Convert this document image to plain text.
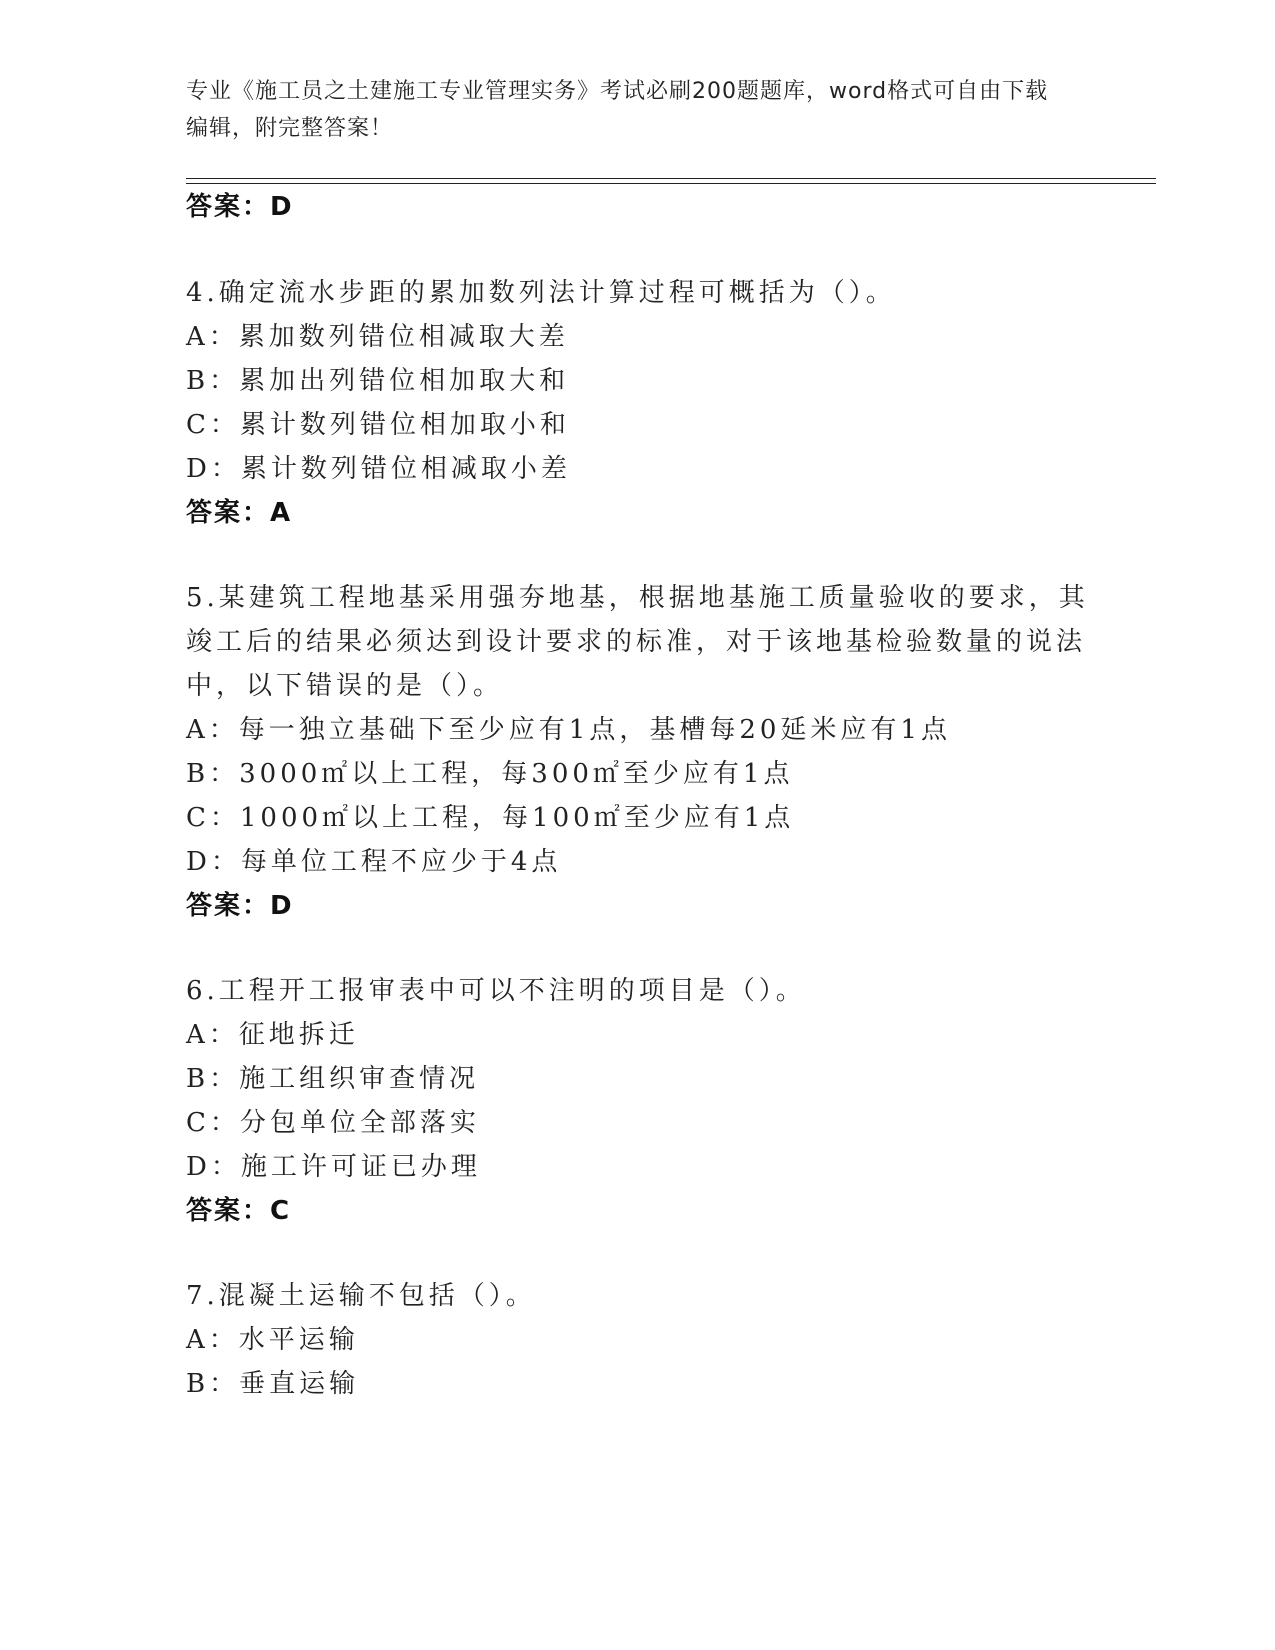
专业《施工员之土建施工专业管理实务》考试必刷200题题库，word格式可自由下载编辑，附完整答案！
答案：D
4.确定流水步距的累加数列法计算过程可概括为（）。
A：累加数列错位相减取大差
B：累加出列错位相加取大和
C：累计数列错位相加取小和
D：累计数列错位相减取小差
答案：A
5.某建筑工程地基采用强夯地基，根据地基施工质量验收的要求，其
竣工后的结果必须达到设计要求的标准，对于该地基检验数量的说法
中，以下错误的是（）。
A：每一独立基础下至少应有1点，基槽每20延米应有1点
B：3000㎡以上工程，每300㎡至少应有1点
C：1000㎡以上工程，每100㎡至少应有1点
D：每单位工程不应少于4点
答案：D
6.工程开工报审表中可以不注明的项目是（）。
A：征地拆迁
B：施工组织审查情况
C：分包单位全部落实
D：施工许可证已办理
答案：C
7.混凝土运输不包括（）。
A：水平运输
B：垂直运输
